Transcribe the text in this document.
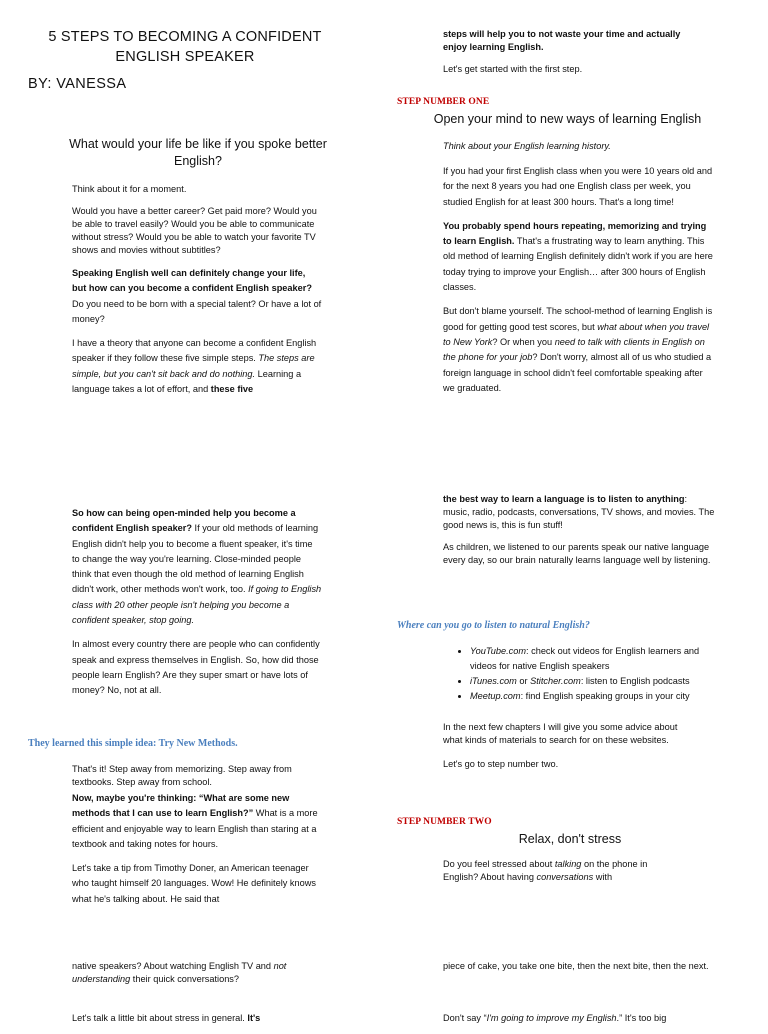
5 STEPS TO BECOMING A CONFIDENT ENGLISH SPEAKER
BY: VANESSA
What would your life be like if you spoke better English?

Think about it for a moment.

Would you have a better career? Get paid more? Would you be able to travel easily? Would you be able to communicate without stress? Would you be able to watch your favorite TV shows and movies without subtitles?

Speaking English well can definitely change your life, but how can you become a confident English speaker? Do you need to be born with a special talent? Or have a lot of money?

I have a theory that anyone can become a confident English speaker if they follow these five simple steps. The steps are simple, but you can't sit back and do nothing. Learning a language takes a lot of effort, and these five

So how can being open-minded help you become a confident English speaker? If your old methods of learning English didn't help you to become a fluent speaker, it's time to change the way you're learning. Close-minded people think that even though the old method of learning English didn't work, other methods won't work, too. If going to English class with 20 other people isn't helping you become a confident speaker, stop going.

In almost every country there are people who can confidently speak and express themselves in English. So, how did those people learn English? Are they super smart or have lots of money? No, not at all.

They learned this simple idea: Try New Methods.

That's it! Step away from memorizing. Step away from textbooks. Step away from school.

Now, maybe you're thinking: “What are some new methods that I can use to learn English?” What is a more efficient and enjoyable way to learn English than staring at a textbook and taking notes for hours.

Let's take a tip from Timothy Doner, an American teenager who taught himself 20 languages. Wow! He definitely knows what he's talking about. He said that

native speakers? About watching English TV and not understanding their quick conversations?

Let's talk a little bit about stress in general. It's

steps will help you to not waste your time and actually enjoy learning English.

Let's get started with the first step.

STEP NUMBER ONE
Open your mind to new ways of learning English

Think about your English learning history.

If you had your first English class when you were 10 years old and for the next 8 years you had one English class per week, you studied English for at least 300 hours. That's a long time!

You probably spend hours repeating, memorizing and trying to learn English. That's a frustrating way to learn anything. This old method of learning English definitely didn't work if you are here today trying to improve your English… after 300 hours of English classes.

But don't blame yourself. The school-method of learning English is good for getting good test scores, but what about when you travel to New York? Or when you need to talk with clients in English on the phone for your job? Don't worry, almost all of us who studied a foreign language in school didn't feel comfortable speaking after we graduated.

the best way to learn a language is to listen to anything: music, radio, podcasts, conversations, TV shows, and movies. The good news is, this is fun stuff!

As children, we listened to our parents speak our native language every day, so our brain naturally learns language well by listening.

Where can you go to listen to natural English?
• YouTube.com: check out videos for English learners and videos for native English speakers
• iTunes.com or Stitcher.com: listen to English podcasts
• Meetup.com: find English speaking groups in your city

In the next few chapters I will give you some advice about what kinds of materials to search for on these websites.

Let's go to step number two.

STEP NUMBER TWO
Relax, don't stress

Do you feel stressed about talking on the phone in English? About having conversations with

piece of cake, you take one bite, then the next bite, then the next.

Don't say “I'm going to improve my English.” It's too big
